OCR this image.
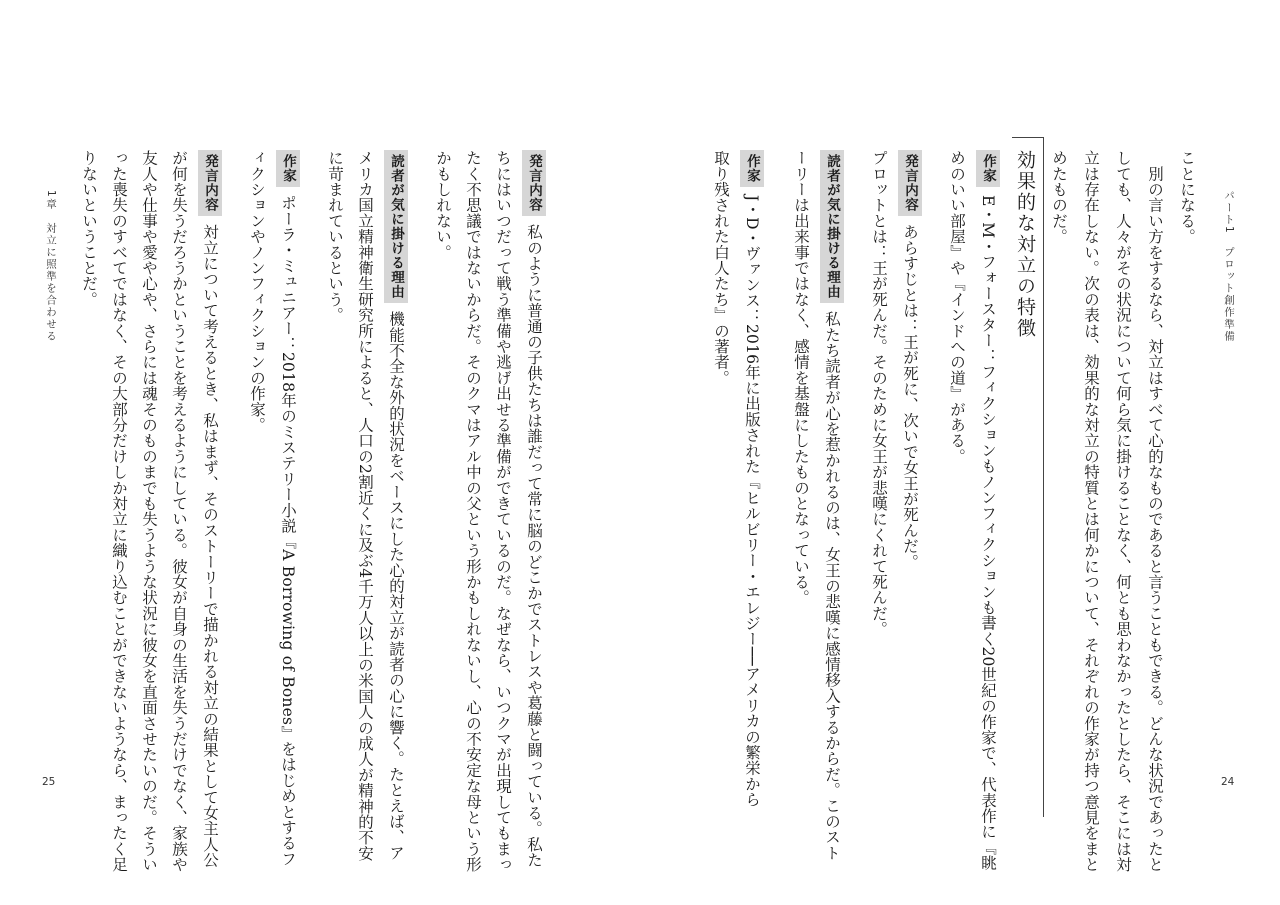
パート1　プロット創作準備
24
ことになる。
　別の言い方をするなら、対立はすべて心的なものであると言うこともできる。どんな状況であったと
しても、人々がその状況について何ら気に掛けることなく、何とも思わなかったとしたら、そこには対
立は存在しない。次の表は、効果的な対立の特質とは何かについて、それぞれの作家が持つ意見をまと
めたものだ。
効果的な対立の特徴
作家E・M・フォースター：フィクションもノンフィクションも書く20世紀の作家で、代表作に『眺
めのいい部屋』や『インドへの道』がある。
発言内容あらすじとは：王が死に、次いで女王が死んだ。
プロットとは：王が死んだ。そのために女王が悲嘆にくれて死んだ。
読者が気に掛ける理由私たち読者が心を惹かれるのは、女王の悲嘆に感情移入するからだ。このスト
ーリーは出来事ではなく、感情を基盤にしたものとなっている。
作家J・D・ヴァンス：2016年に出版された『ヒルビリー・エレジー──アメリカの繁栄から
取り残された白人たち』の著者。
1章　対立に照準を合わせる
25
発言内容私のように普通の子供たちは誰だって常に脳のどこかでストレスや葛藤と闘っている。私た
ちにはいつだって戦う準備や逃げ出せる準備ができているのだ。なぜなら、いつクマが出現してもまっ
たく不思議ではないからだ。そのクマはアル中の父という形かもしれないし、心の不安定な母という形
かもしれない。
読者が気に掛ける理由機能不全な外的状況をベースにした心的対立が読者の心に響く。たとえば、ア
メリカ国立精神衛生研究所によると、人口の2割近くに及ぶ4千万人以上の米国人の成人が精神的不安
に苛まれているという。
作家ポーラ・ミュニアー：2018年のミステリー小説『A Borrowing of Bones』をはじめとするフ
ィクションやノンフィクションの作家。
発言内容対立について考えるとき、私はまず、そのストーリーで描かれる対立の結果として女主人公
が何を失うだろうかということを考えるようにしている。彼女が自身の生活を失うだけでなく、家族や
友人や仕事や愛や心や、さらには魂そのものまでも失うような状況に彼女を直面させたいのだ。そうい
った喪失のすべてではなく、その大部分だけしか対立に織り込むことができないようなら、まったく足
りないということだ。
